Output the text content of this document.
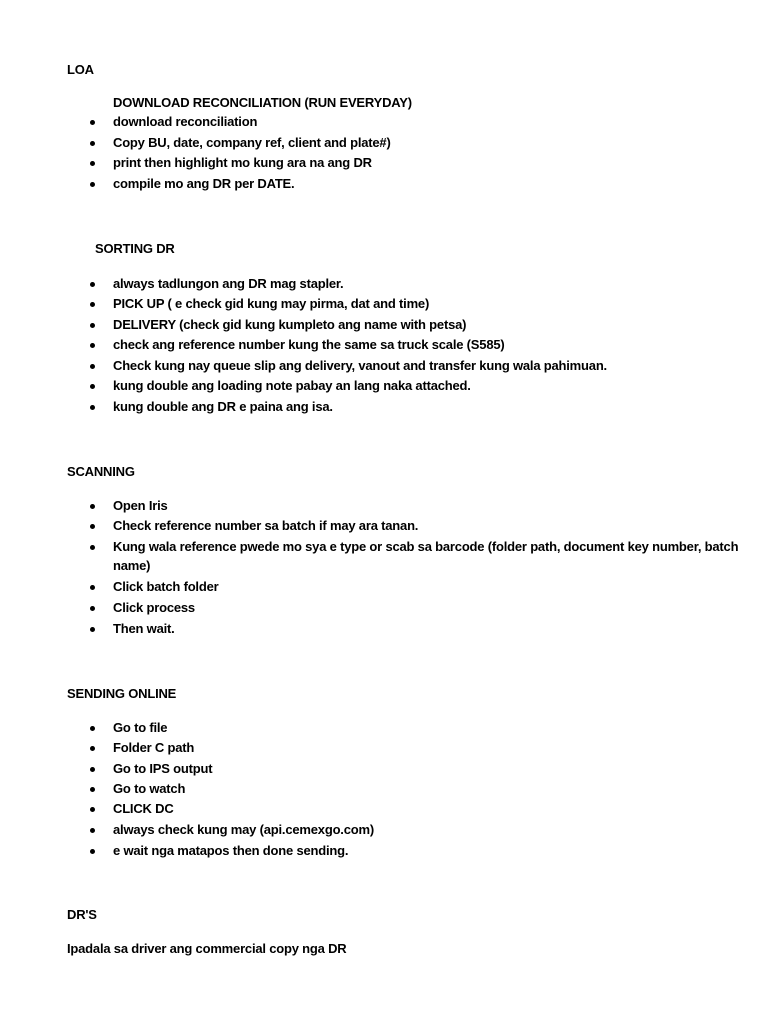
LOA
DOWNLOAD RECONCILIATION (RUN EVERYDAY)
download reconciliation
Copy BU, date, company ref, client and plate#)
print then highlight mo kung ara na ang DR
compile mo ang DR per DATE.
SORTING DR
always tadlungon ang DR mag stapler.
PICK UP ( e check gid kung may pirma, dat and time)
DELIVERY (check gid kung kumpleto ang name with petsa)
check ang reference number kung the same sa truck scale (S585)
Check kung nay queue slip ang delivery, vanout and transfer kung wala pahimuan.
kung double ang loading note pabay an lang naka attached.
kung double ang DR e paina ang isa.
SCANNING
Open Iris
Check reference number sa batch if may ara tanan.
Kung wala reference pwede mo sya e type or scab sa barcode (folder path, document key number, batch
name)
Click batch folder
Click process
Then wait.
SENDING ONLINE
Go to file
Folder C path
Go to IPS output
Go to watch
CLICK DC
always check kung may (api.cemexgo.com)
e wait nga matapos then done sending.
DR'S
Ipadala sa driver ang commercial copy nga DR
